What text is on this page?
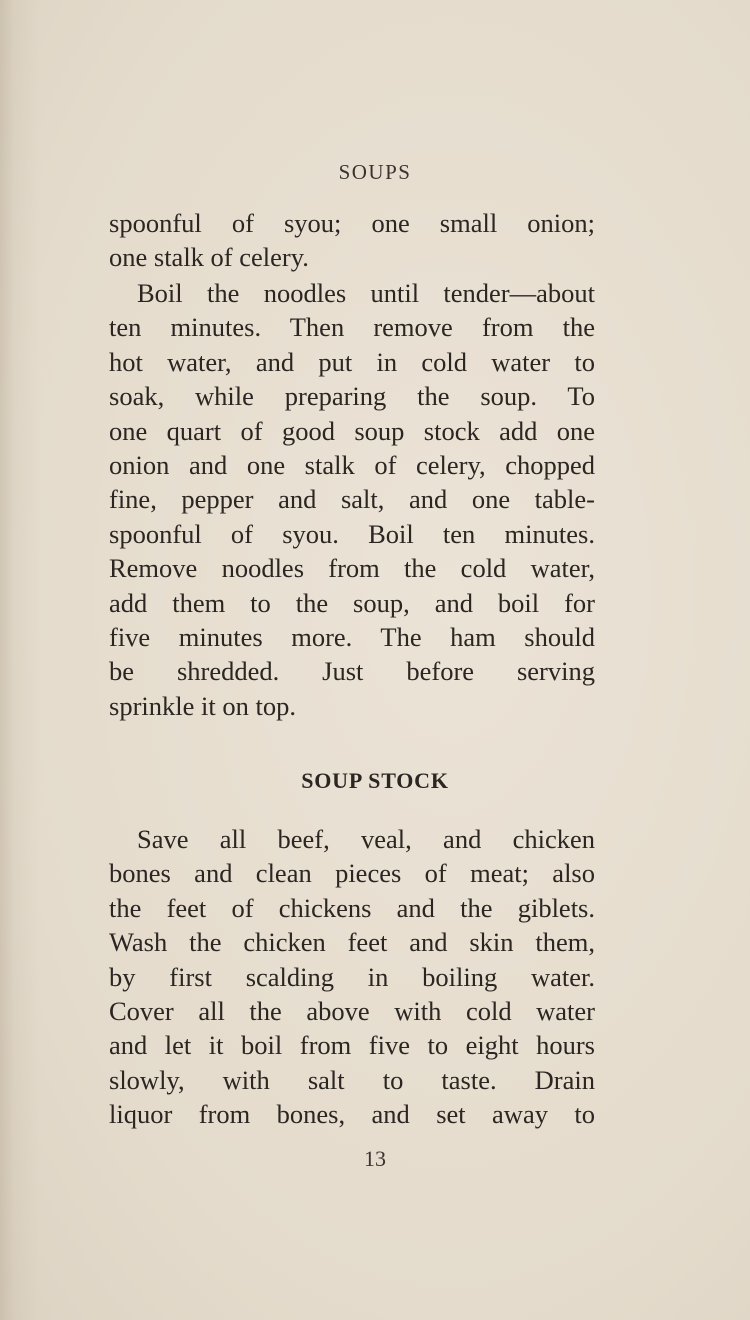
SOUPS
spoonful of syou; one small onion;
one stalk of celery.
Boil the noodles until tender—about
ten minutes. Then remove from the
hot water, and put in cold water to
soak, while preparing the soup. To
one quart of good soup stock add one
onion and one stalk of celery, chopped
fine, pepper and salt, and one table-
spoonful of syou. Boil ten minutes.
Remove noodles from the cold water,
add them to the soup, and boil for
five minutes more. The ham should
be shredded. Just before serving
sprinkle it on top.
SOUP STOCK
Save all beef, veal, and chicken
bones and clean pieces of meat; also
the feet of chickens and the giblets.
Wash the chicken feet and skin them,
by first scalding in boiling water.
Cover all the above with cold water
and let it boil from five to eight hours
slowly, with salt to taste. Drain
liquor from bones, and set away to
13
